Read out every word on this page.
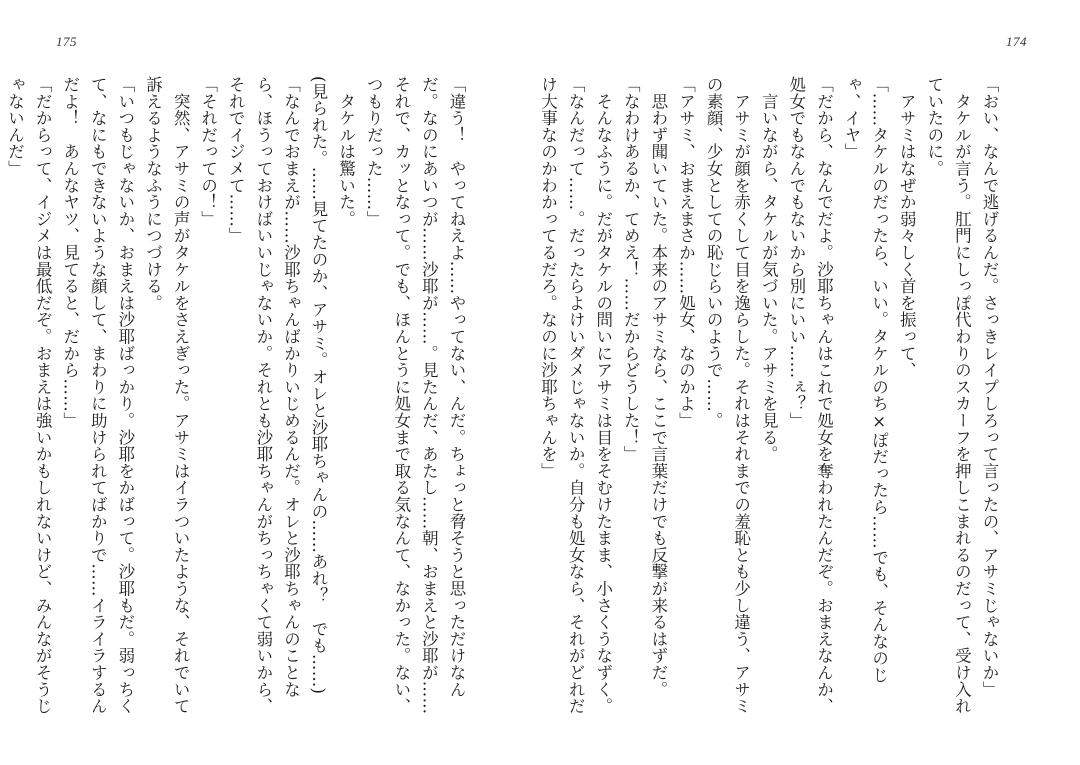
175

「違う！　やってねえよ……やってない、んだ。ちょっと脅そうと思っただけなんだ。なのにあいつが……沙耶が……。見たんだ、あたし……朝、おまえと沙耶が……それで、カッとなって。でも、ほんとうに処女まで取る気なんて、なかった。ない、つもりだった……」

　タケルは驚いた。

(見られた。……見てたのか、アサミ。オレと沙耶ちゃんの……あれ？　でも……)

「なんでおまえが……沙耶ちゃんばかりいじめるんだ。オレと沙耶ちゃんのことなら、ほうっておけばいいじゃないか。それとも沙耶ちゃんがちっちゃくて弱いから、それでイジメて……」

「それだっての！」

　突然、アサミの声がタケルをさえぎった。アサミはイラついたような、それでいて訴えるようなふうにつづける。

「いつもじゃないか、おまえは沙耶ばっかり。沙耶をかばって。沙耶もだ。弱っちくて、なにもできないような顔して、まわりに助けられてばかりで……イライラするんだよ！　あんなヤツ、見てると、だから……」

「だからって、イジメは最低だぞ。おまえは強いかもしれないけど、みんながそうじゃないんだ」

174

「おい、なんで逃げるんだ。さっきレイプしろって言ったの、アサミじゃないか」

　タケルが言う。肛門にしっぽ代わりのスカーフを押しこまれるのだって、受け入れていたのに。

　アサミはなぜか弱々しく首を振って、

「……タケルのだったら、いい。タケルのち×ぽだったら……でも、そんなのじゃ、イヤ」

「だから、なんでだよ。沙耶ちゃんはこれで処女を奪われたんだぞ。おまえなんか、処女でもなんでもないから別にいい……ぇ？」

　言いながら、タケルが気づいた。アサミを見る。

　アサミが顔を赤くして目を逸らした。それはそれまでの羞恥とも少し違う、アサミの素顔、少女としての恥じらいのようで……。

「アサミ、おまえまさか……処女、なのかよ」

　思わず聞いていた。本来のアサミなら、ここで言葉だけでも反撃が来るはずだ。

「なわけあるか、てめえ！……だからどうした！」

　そんなふうに。だがタケルの問いにアサミは目をそむけたまま、小さくうなずく。

「なんだって……。だったらよけいダメじゃないか。自分も処女なら、それがどれだけ大事なのかわかってるだろ。なのに沙耶ちゃんを」
